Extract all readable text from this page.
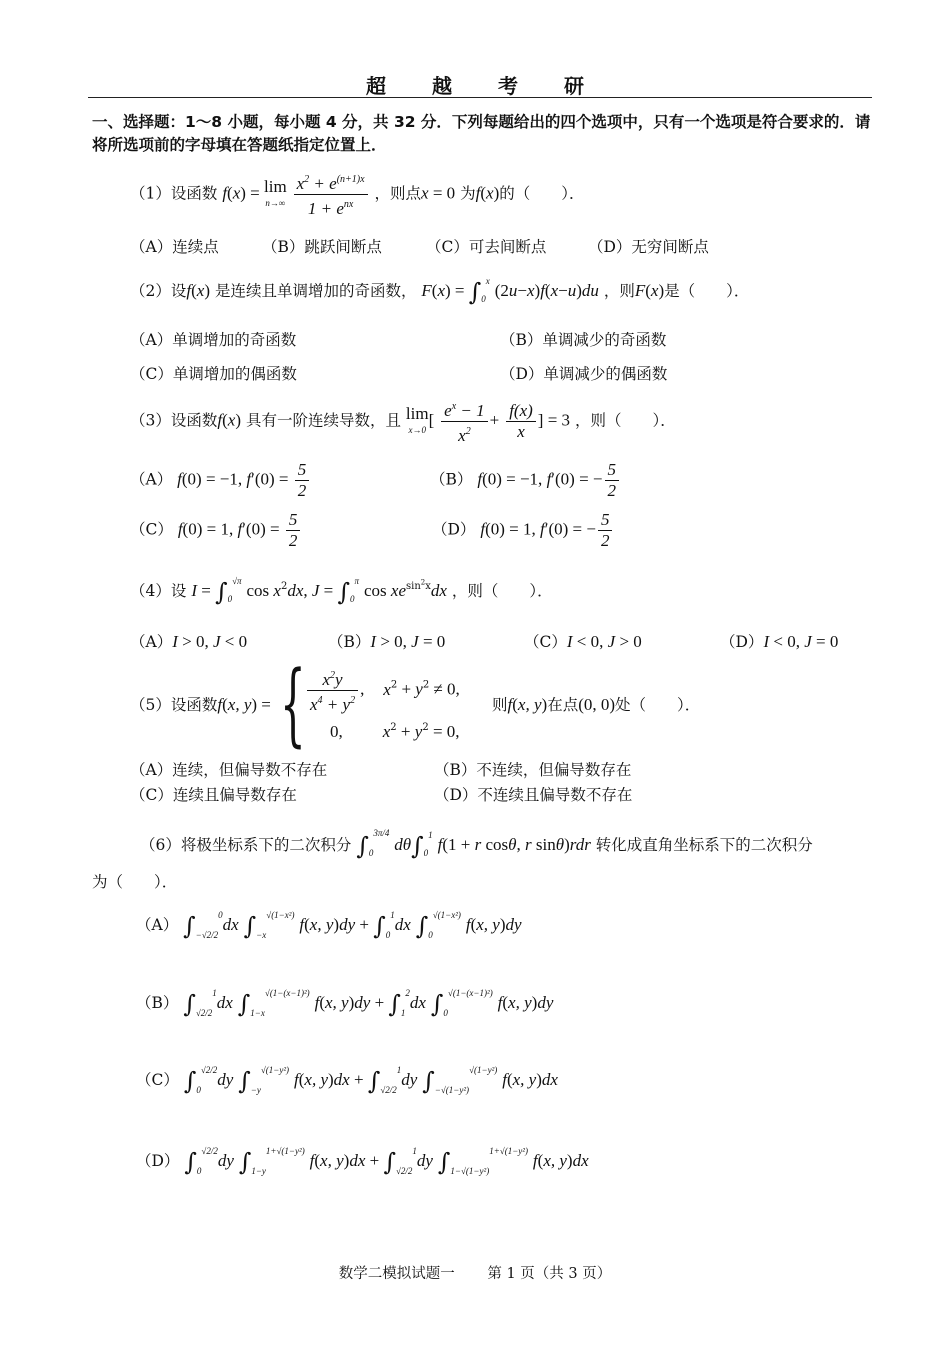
超越考研
一、选择题：1～8 小题，每小题 4 分，共 32 分．下列每题给出的四个选项中，只有一个选项是符合要求的．请将所选项前的字母填在答题纸指定位置上．
（1）设函数 f(x) = lim
n→∞
$\frac{x^2 + e^{(n+1)x}}{1 + e^{nx}}$ ，则点x = 0 为f(x)的（　　）．
（A）连续点	（B）跳跃间断点	（C）可去间断点	（D）无穷间断点
（2）设f(x) 是连续且单调增加的奇函数， $F(x) = \int_0^x$ (2u−x)f(x−u)du ，则F(x)是（　　）．
（A）单调增加的奇函数	（B）单调减少的奇函数
（C）单调增加的偶函数	（D）单调减少的偶函数
（3）设函数f(x) 具有一阶连续导数，且 lim
x→0 [ $\frac{e^x - 1}{x^2} + \frac{f(x)}{x}$ ] = 3 ，则（　　）．
（A） f(0) = −1, $f'(0) = \frac{5}{2}$	（B） f(0) = −1, f′(0) = − $\frac{5}{2}$
（C） f(0) = 1, $f'(0) = \frac{5}{2}$	（D） f(0) = 1, f′(0) = − $\frac{5}{2}$
（4）设 $I = \int_0^{√\pi}$ $\cos x^2dx$, $J = \int_0^\pi$ $\cos xe^{sin^2x}dx$ ，则（　　）．
（A）I > 0, J < 0	（B）I > 0, J = 0	（C）I < 0, J > 0	（D）I < 0, J = 0
（5）设函数f(x, y) = { $\frac{x^2y}{x^4 + y^2}$ , $x^2 + y^2 \ne 0$,
0, $x^2 + y^2 = 0$,
则f(x, y)在点(0, 0)处（　　）．
（A）连续，但偏导数不存在	（B）不连续，但偏导数存在
（C）连续且偏导数存在	（D）不连续且偏导数不存在
（6）将极坐标系下的二次积分 $\int_0^{3\pi/4}$ $d\theta\int_0^1$ f(1 + r cosθ, r sinθ)rdr 转化成直角坐标系下的二次积分
为（　　）．
（A） $\int_{-√2/2}^0dx$ $\int_{-x}^{√(1-x^2)}$ f(x, $y)dy + \int_0^1dx$ $\int_0^{√(1-x^2)}$ f(x, y)dy
（B） $\int_{√2/2}^1dx$ $\int_{1-x}^{√(1-(x-1)^2)}$ f(x, $y)dy + \int_1^2dx$ $\int_0^{√(1-(x-1)^2)}$ f(x, y)dy
（C） $\int_0^{√2/2}dy$ $\int_{-y}^{√(1-y^2)}$ f(x, $y)dx + \int_{√2/2}^1dy$ $\int_{-√(1-y^2)}^{√(1-y^2)}$ f(x, y)dx
（D） $\int_0^{√2/2}dy$ $\int_{1-y}^{1+√(1-y^2)}$ f(x, $y)dx + \int_{√2/2}^1dy$ $\int_{1-√(1-y^2)}^{1+√(1-y^2)}$ f(x, y)dx
数学二模拟试题一 第 1 页（共 3 页）
